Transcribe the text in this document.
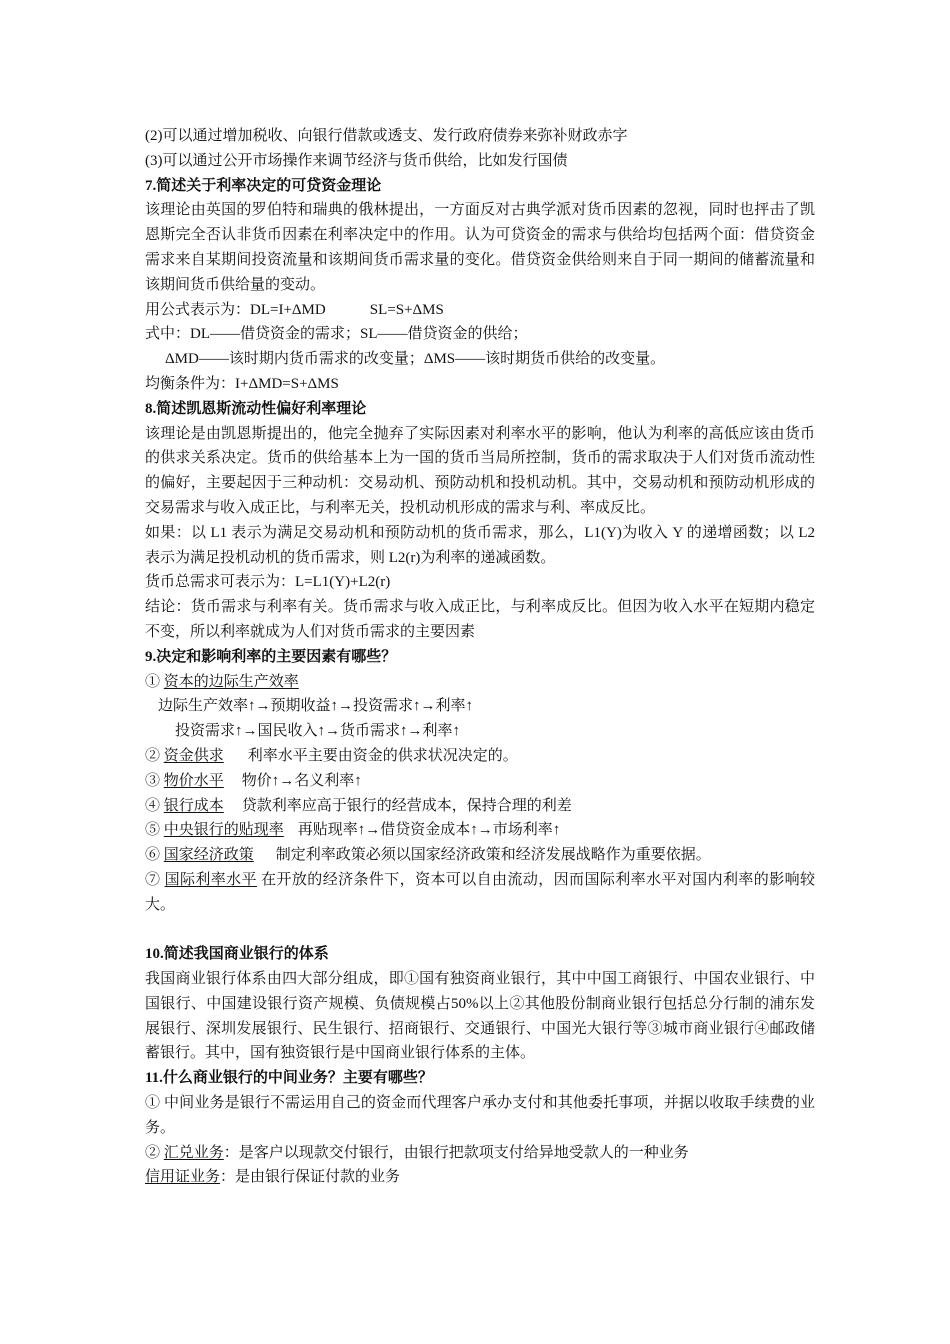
(2)可以通过增加税收、向银行借款或透支、发行政府债券来弥补财政赤字
(3)可以通过公开市场操作来调节经济与货币供给，比如发行国债
7.简述关于利率决定的可贷资金理论
该理论由英国的罗伯特和瑞典的俄林提出，一方面反对古典学派对货币因素的忽视，同时也抨击了凯恩斯完全否认非货币因素在利率决定中的作用。认为可贷资金的需求与供给均包括两个面：借贷资金需求来自某期间投资流量和该期间货币需求量的变化。借贷资金供给则来自于同一期间的储蓄流量和该期间货币供给量的变动。
用公式表示为：DL=I+ΔMD	SL=S+ΔMS
式中：DL——借贷资金的需求；SL——借贷资金的供给；
ΔMD——该时期内货币需求的改变量；ΔMS——该时期货币供给的改变量。
均衡条件为：I+ΔMD=S+ΔMS
8.简述凯恩斯流动性偏好利率理论
该理论是由凯恩斯提出的，他完全抛弃了实际因素对利率水平的影响，他认为利率的高低应该由货币的供求关系决定。货币的供给基本上为一国的货币当局所控制，货币的需求取决于人们对货币流动性的偏好，主要起因于三种动机：交易动机、预防动机和投机动机。其中，交易动机和预防动机形成的交易需求与收入成正比，与利率无关，投机动机形成的需求与利、率成反比。
如果：以 L1 表示为满足交易动机和预防动机的货币需求，那么，L1(Y)为收入 Y 的递增函数；以 L2 表示为满足投机动机的货币需求，则 L2(r)为利率的递减函数。
货币总需求可表示为：L=L1(Y)+L2(r)
结论：货币需求与利率有关。货币需求与收入成正比，与利率成反比。但因为收入水平在短期内稳定不变，所以利率就成为人们对货币需求的主要因素
9.决定和影响利率的主要因素有哪些？
① 资本的边际生产效率
边际生产效率↑→预期收益↑→投资需求↑→利率↑
投资需求↑→国民收入↑→货币需求↑→利率↑
② 资金供求 利率水平主要由资金的供求状况决定的。
③ 物价水平 物价↑→名义利率↑
④ 银行成本 贷款利率应高于银行的经营成本，保持合理的利差
⑤ 中央银行的贴现率 再贴现率↑→借贷资金成本↑→市场利率↑
⑥ 国家经济政策 制定利率政策必须以国家经济政策和经济发展战略作为重要依据。
⑦ 国际利率水平 在开放的经济条件下，资本可以自由流动，因而国际利率水平对国内利率的影响较大。
10.简述我国商业银行的体系
我国商业银行体系由四大部分组成，即①国有独资商业银行，其中中国工商银行、中国农业银行、中国银行、中国建设银行资产规模、负债规模占50%以上②其他股份制商业银行包括总分行制的浦东发展银行、深圳发展银行、民生银行、招商银行、交通银行、中国光大银行等③城市商业银行④邮政储蓄银行。其中，国有独资银行是中国商业银行体系的主体。
11.什么商业银行的中间业务？主要有哪些？
① 中间业务是银行不需运用自己的资金而代理客户承办支付和其他委托事项，并据以收取手续费的业务。
② 汇兑业务：是客户以现款交付银行，由银行把款项支付给异地受款人的一种业务
信用证业务：是由银行保证付款的业务
